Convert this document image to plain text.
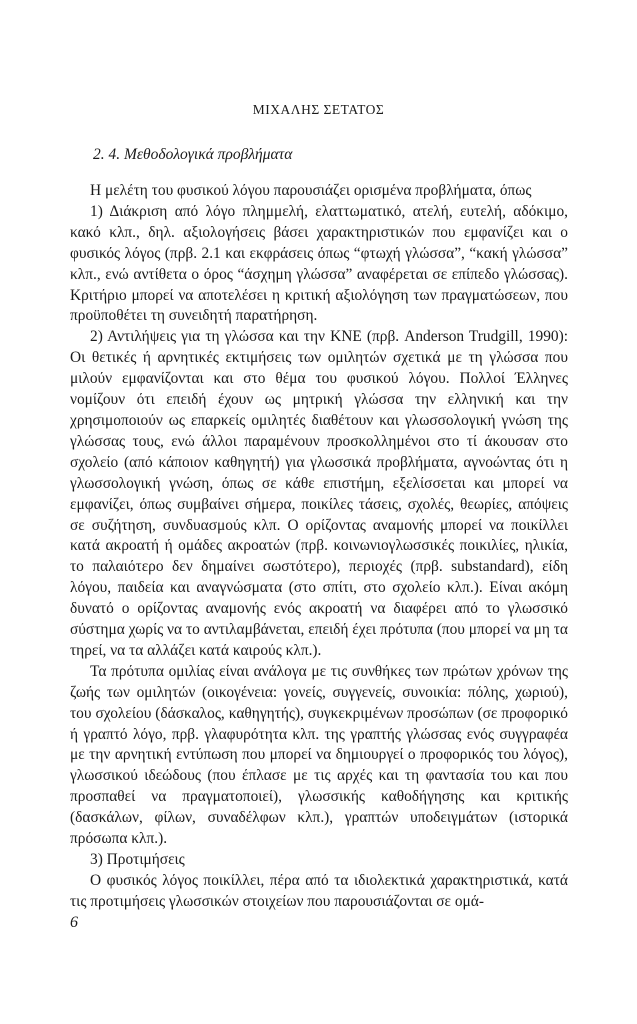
ΜΙΧΑΛΗΣ ΣΕΤΑΤΟΣ
2. 4. Μεθοδολογικά προβλήματα

Η μελέτη του φυσικού λόγου παρουσιάζει ορισμένα προβλήματα, όπως

1) Διάκριση από λόγο πλημμελή, ελαττωματικό, ατελή, ευτελή, αδόκιμο, κακό κλπ., δηλ. αξιολογήσεις βάσει χαρακτηριστικών που εμφανίζει και ο φυσικός λόγος (πρβ. 2.1 και εκφράσεις όπως “φτωχή γλώσσα”, “κακή γλώσσα” κλπ., ενώ αντίθετα ο όρος “άσχημη γλώσσα” αναφέρεται σε επίπεδο γλώσσας). Κριτήριο μπορεί να αποτελέσει η κριτική αξιολόγηση των πραγματώσεων, που προϋποθέτει τη συνειδητή παρατήρηση.

2) Αντιλήψεις για τη γλώσσα και την ΚΝΕ (πρβ. Anderson Trudgill, 1990): Οι θετικές ή αρνητικές εκτιμήσεις των ομιλητών σχετικά με τη γλώσσα που μιλούν εμφανίζονται και στο θέμα του φυσικού λόγου. Πολλοί Έλληνες νομίζουν ότι επειδή έχουν ως μητρική γλώσσα την ελληνική και την χρησιμοποιούν ως επαρκείς ομιλητές διαθέτουν και γλωσσολογική γνώση της γλώσσας τους, ενώ άλλοι παραμένουν προσκολλημένοι στο τί άκουσαν στο σχολείο (από κάποιον καθηγητή) για γλωσσικά προβλήματα, αγνοώντας ότι η γλωσσολογική γνώση, όπως σε κάθε επιστήμη, εξελίσσεται και μπορεί να εμφανίζει, όπως συμβαίνει σήμερα, ποικίλες τάσεις, σχολές, θεωρίες, απόψεις σε συζήτηση, συνδυασμούς κλπ. Ο ορίζοντας αναμονής μπορεί να ποικίλλει κατά ακροατή ή ομάδες ακροατών (πρβ. κοινωνιογλωσσικές ποικιλίες, ηλικία, το παλαιότερο δεν δημαίνει σωστότερο), περιοχές (πρβ. substandard), είδη λόγου, παιδεία και αναγνώσματα (στο σπίτι, στο σχολείο κλπ.). Είναι ακόμη δυνατό ο ορίζοντας αναμονής ενός ακροατή να διαφέρει από το γλωσσικό σύστημα χωρίς να το αντιλαμβάνεται, επειδή έχει πρότυπα (που μπορεί να μη τα τηρεί, να τα αλλάζει κατά καιρούς κλπ.).

Τα πρότυπα ομιλίας είναι ανάλογα με τις συνθήκες των πρώτων χρόνων της ζωής των ομιλητών (οικογένεια: γονείς, συγγενείς, συνοικία: πόλης, χωριού), του σχολείου (δάσκαλος, καθηγητής), συγκεκριμένων προσώπων (σε προφορικό ή γραπτό λόγο, πρβ. γλαφυρότητα κλπ. της γραπτής γλώσσας ενός συγγραφέα με την αρνητική εντύπωση που μπορεί να δημιουργεί ο προφορικός του λόγος), γλωσσικού ιδεώδους (που έπλασε με τις αρχές και τη φαντασία του και που προσπαθεί να πραγματοποιεί), γλωσσικής καθοδήγησης και κριτικής (δασκάλων, φίλων, συναδέλφων κλπ.), γραπτών υποδειγμάτων (ιστορικά πρόσωπα κλπ.).

3) Προτιμήσεις

Ο φυσικός λόγος ποικίλλει, πέρα από τα ιδιολεκτικά χαρακτηριστικά, κατά τις προτιμήσεις γλωσσικών στοιχείων που παρουσιάζονται σε ομά-

6
